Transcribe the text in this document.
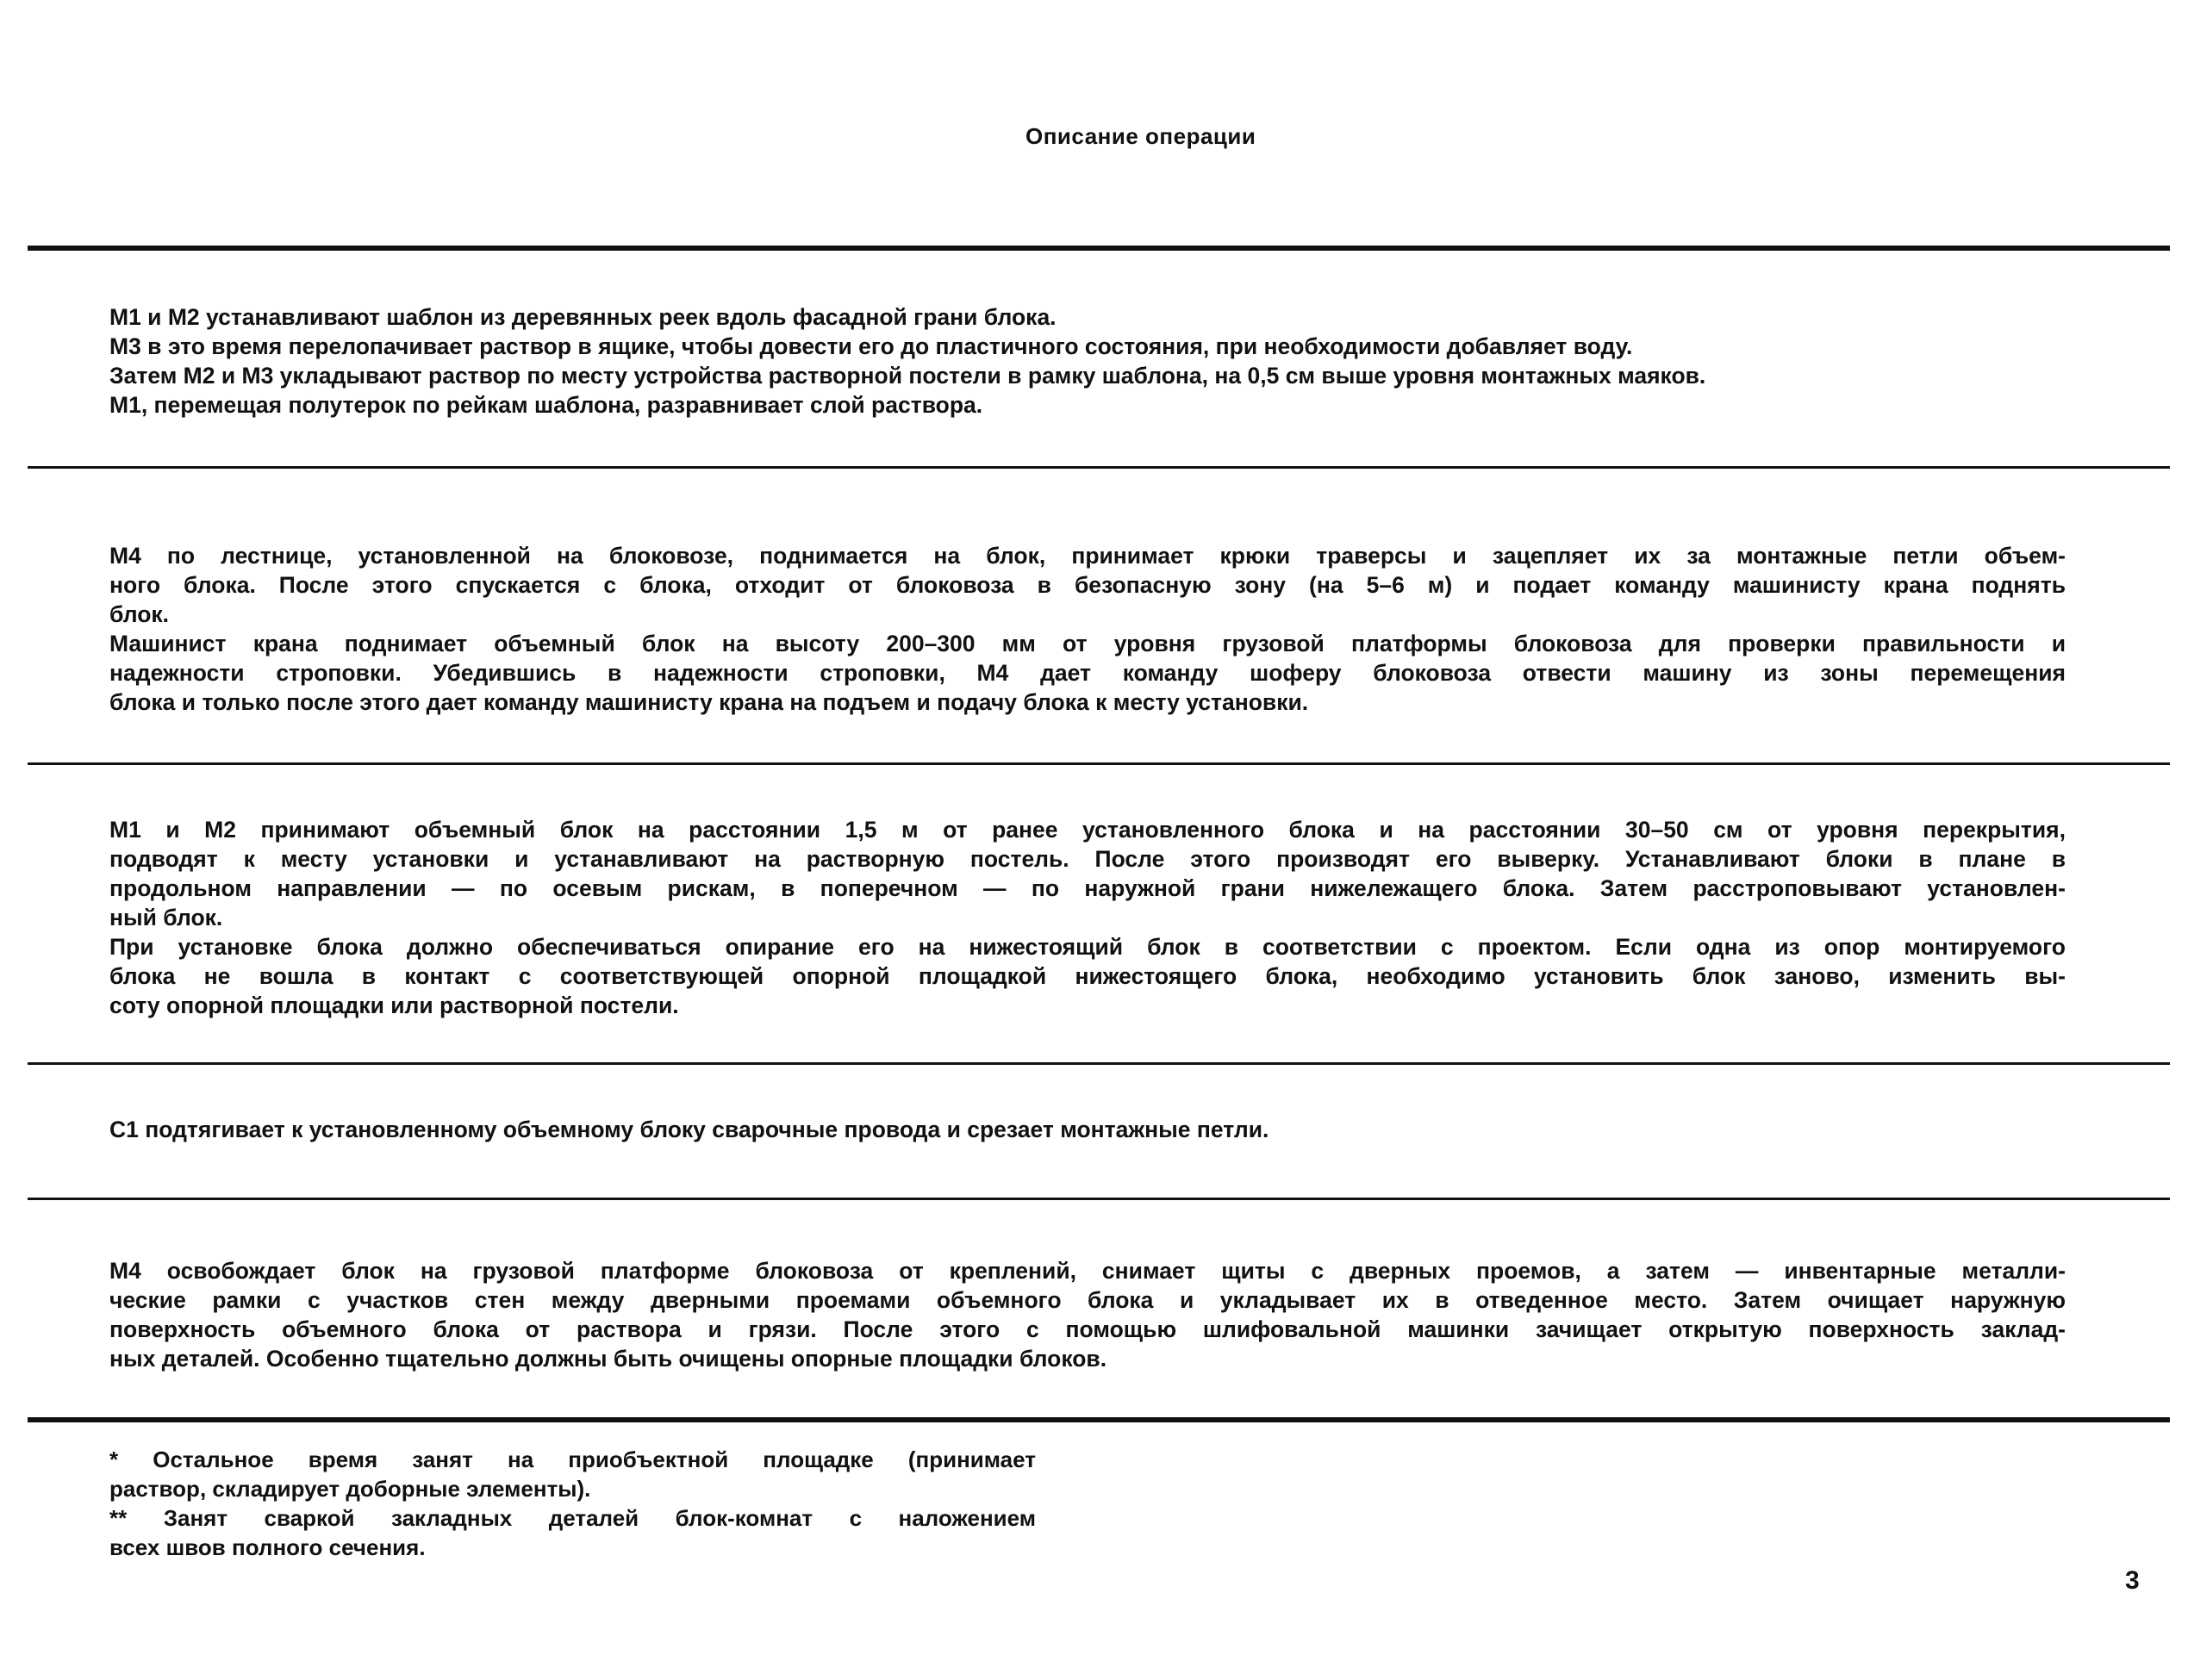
Описание операции
М1 и М2 устанавливают шаблон из деревянных реек вдоль фасадной грани блока.
М3 в это время перелопачивает раствор в ящике, чтобы довести его до пластичного состояния, при необходимости добавляет воду.
Затем М2 и М3 укладывают раствор по месту устройства растворной постели в рамку шаблона, на 0,5 см выше уровня монтажных маяков.
М1, перемещая полутерок по рейкам шаблона, разравнивает слой раствора.
М4 по лестнице, установленной на блоковозе, поднимается на блок, принимает крюки траверсы и зацепляет их за монтажные петли объем-
ного блока. После этого спускается с блока, отходит от блоковоза в безопасную зону (на 5–6 м) и подает команду машинисту крана поднять
блок.
Машинист крана поднимает объемный блок на высоту 200–300 мм от уровня грузовой платформы блоковоза для проверки правильности и
надежности строповки. Убедившись в надежности строповки, М4 дает команду шоферу блоковоза отвести машину из зоны перемещения
блока и только после этого дает команду машинисту крана на подъем и подачу блока к месту установки.
М1 и М2 принимают объемный блок на расстоянии 1,5 м от ранее установленного блока и на расстоянии 30–50 см от уровня перекрытия,
подводят к месту установки и устанавливают на растворную постель. После этого производят его выверку. Устанавливают блоки в плане в
продольном направлении — по осевым рискам, в поперечном — по наружной грани нижележащего блока. Затем расстроповывают установлен-
ный блок.
При установке блока должно обеспечиваться опирание его на нижестоящий блок в соответствии с проектом. Если одна из опор монтируемого
блока не вошла в контакт с соответствующей опорной площадкой нижестоящего блока, необходимо установить блок заново, изменить вы-
соту опорной площадки или растворной постели.
С1 подтягивает к установленному объемному блоку сварочные провода и срезает монтажные петли.
М4 освобождает блок на грузовой платформе блоковоза от креплений, снимает щиты с дверных проемов, а затем — инвентарные металли-
ческие рамки с участков стен между дверными проемами объемного блока и укладывает их в отведенное место. Затем очищает наружную
поверхность объемного блока от раствора и грязи. После этого с помощью шлифовальной машинки зачищает открытую поверхность заклад-
ных деталей. Особенно тщательно должны быть очищены опорные площадки блоков.
* Остальное время занят на приобъектной площадке (принимает
раствор, складирует доборные элементы).
** Занят сваркой закладных деталей блок-комнат с наложением
всех швов полного сечения.
3
